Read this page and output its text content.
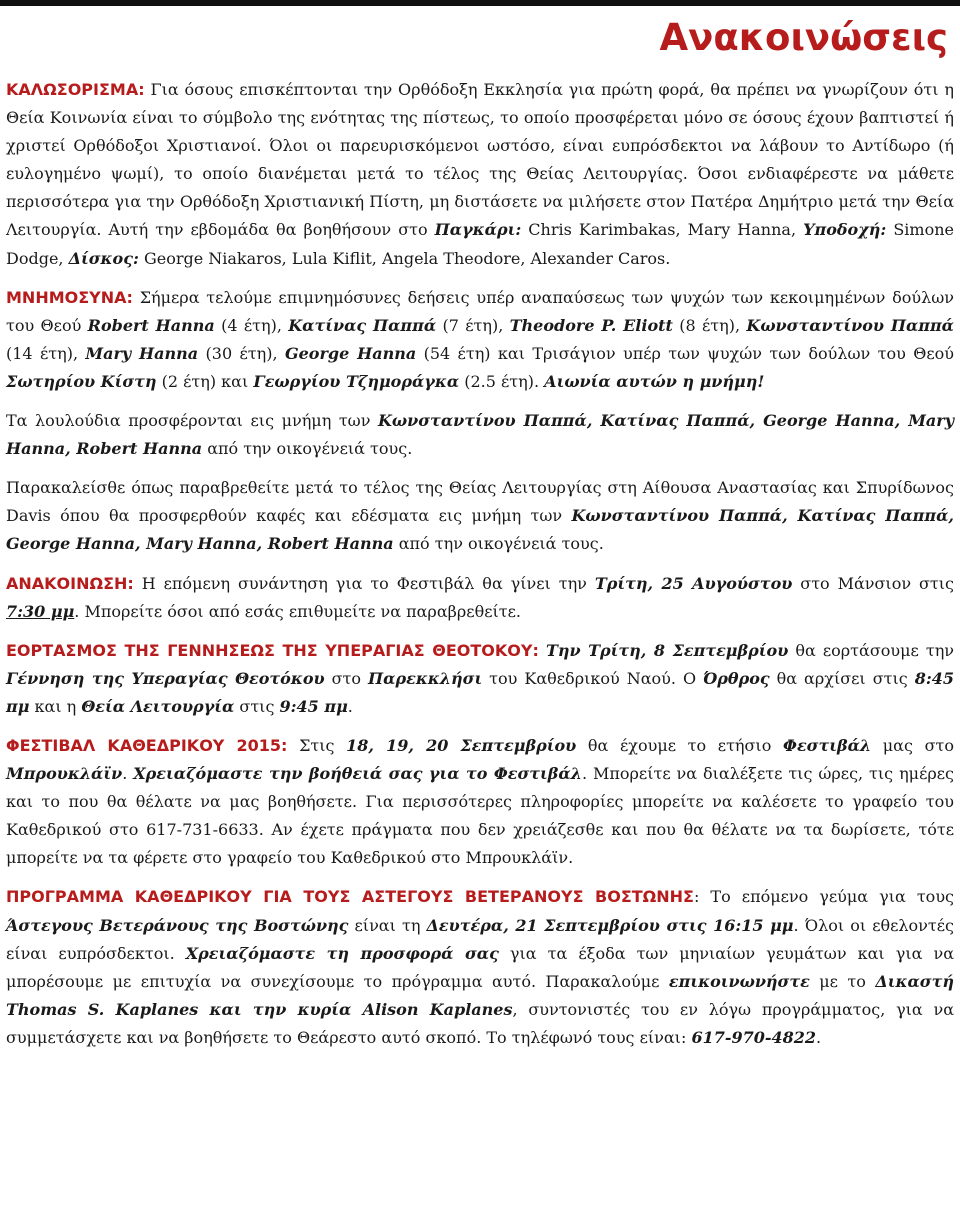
Ανακοινώσεις

ΚΑΛΩΣΟΡΙΣΜΑ: Για όσους επισκέπτονται την Ορθόδοξη Εκκλησία για πρώτη φορά, θα πρέπει να γνωρίζουν ότι η Θεία Κοινωνία είναι το σύμβολο της ενότητας της πίστεως, το οποίο προσφέρεται μόνο σε όσους έχουν βαπτιστεί ή χριστεί Ορθόδοξοι Χριστιανοί. Όλοι οι παρευρισκόμενοι ωστόσο, είναι ευπρόσδεκτοι να λάβουν το Αντίδωρο (ή ευλογημένο ψωμί), το οποίο διανέμεται μετά το τέλος της Θείας Λειτουργίας. Όσοι ενδιαφέρεστε να μάθετε περισσότερα για την Ορθόδοξη Χριστιανική Πίστη, μη διστάσετε να μιλήσετε στον Πατέρα Δημήτριο μετά την Θεία Λειτουργία. Αυτή την εβδομάδα θα βοηθήσουν στο Παγκάρι: Chris Karimbakas, Mary Hanna, Υποδοχή: Simone Dodge, Δίσκος: George Niakaros, Lula Kiflit, Angela Theodore, Alexander Caros.

ΜΝΗΜΟΣΥΝΑ: Σήμερα τελούμε επιμνημόσυνες δεήσεις υπέρ αναπαύσεως των ψυχών των κεκοιμημένων δούλων του Θεού Robert Hanna (4 έτη), Κατίνας Παππά (7 έτη), Theodore P. Eliott (8 έτη), Κωνσταντίνου Παππά (14 έτη), Mary Hanna (30 έτη), George Hanna (54 έτη) και Τρισάγιον υπέρ των ψυχών των δούλων του Θεού Σωτηρίου Κίστη (2 έτη) και Γεωργίου Τζημοράγκα (2.5 έτη). Αιωνία αυτών η μνήμη!

Τα λουλούδια προσφέρονται εις μνήμη των Κωνσταντίνου Παππά, Κατίνας Παππά, George Hanna, Mary Hanna, Robert Hanna από την οικογένειά τους.

Παρακαλείσθε όπως παραβρεθείτε μετά το τέλος της Θείας Λειτουργίας στη Αίθουσα Αναστασίας και Σπυρίδωνος Davis όπου θα προσφερθούν καφές και εδέσματα εις μνήμη των Κωνσταντίνου Παππά, Κατίνας Παππά, George Hanna, Mary Hanna, Robert Hanna από την οικογένειά τους.

ΑΝΑΚΟΙΝΩΣΗ: Η επόμενη συνάντηση για το Φεστιβάλ θα γίνει την Τρίτη, 25 Αυγούστου στο Μάνσιον στις 7:30 μμ. Μπορείτε όσοι από εσάς επιθυμείτε να παραβρεθείτε.

ΕΟΡΤΑΣΜΟΣ ΤΗΣ ΓΕΝΝΗΣΕΩΣ ΤΗΣ ΥΠΕΡΑΓΙΑΣ ΘΕΟΤΟΚΟΥ: Την Τρίτη, 8 Σεπτεμβρίου θα εορτάσουμε την Γέννηση της Υπεραγίας Θεοτόκου στο Παρεκκλήσι του Καθεδρικού Ναού. Ο Όρθρος θα αρχίσει στις 8:45 πμ και η Θεία Λειτουργία στις 9:45 πμ.

ΦΕΣΤΙΒΑΛ ΚΑΘΕΔΡΙΚΟΥ 2015: Στις 18, 19, 20 Σεπτεμβρίου θα έχουμε το ετήσιο Φεστιβάλ μας στο Μπρουκλάϊν. Χρειαζόμαστε την βοήθειά σας για το Φεστιβάλ. Μπορείτε να διαλέξετε τις ώρες, τις ημέρες και το που θα θέλατε να μας βοηθήσετε. Για περισσότερες πληροφορίες μπορείτε να καλέσετε το γραφείο του Καθεδρικού στο 617-731-6633. Αν έχετε πράγματα που δεν χρειάζεσθε και που θα θέλατε να τα δωρίσετε, τότε μπορείτε να τα φέρετε στο γραφείο του Καθεδρικού στο Μπρουκλάϊν.

ΠΡΟΓΡΑΜΜΑ ΚΑΘΕΔΡΙΚΟΥ ΓΙΑ ΤΟΥΣ ΑΣΤΕΓΟΥΣ ΒΕΤΕΡΑΝΟΥΣ ΒΟΣΤΩΝΗΣ: Το επόμενο γεύμα για τους Άστεγους Βετεράνους της Βοστώνης είναι τη Δευτέρα, 21 Σεπτεμβρίου στις 16:15 μμ. Όλοι οι εθελοντές είναι ευπρόσδεκτοι. Χρειαζόμαστε τη προσφορά σας για τα έξοδα των μηνιαίων γευμάτων και για να μπορέσουμε με επιτυχία να συνεχίσουμε το πρόγραμμα αυτό. Παρακαλούμε επικοινωνήστε με το Δικαστή Thomas S. Kaplanes και την κυρία Alison Kaplanes, συντονιστές του εν λόγω προγράμματος, για να συμμετάσχετε και να βοηθήσετε το Θεάρεστο αυτό σκοπό. Το τηλέφωνό τους είναι: 617-970-4822.
